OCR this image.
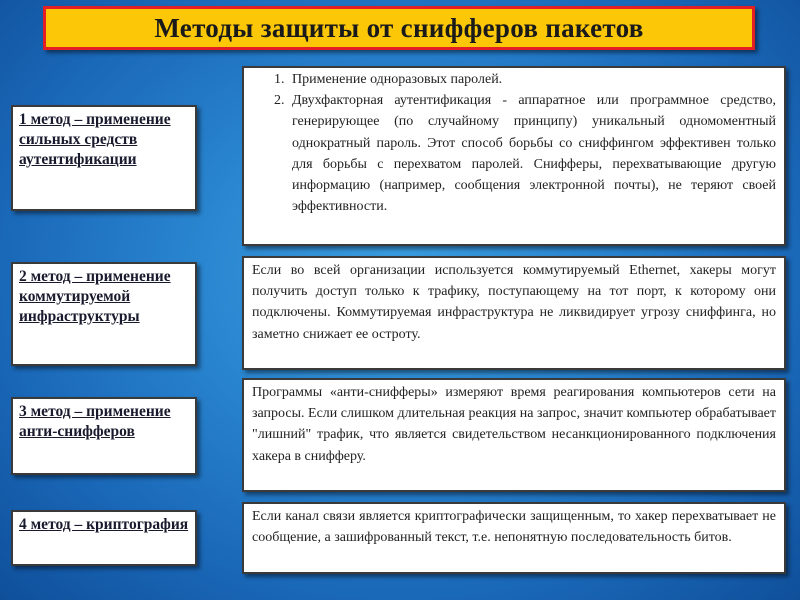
Методы защиты от снифферов пакетов
1 метод – применение сильных средств аутентификации
1. Применение одноразовых паролей.
2. Двухфакторная аутентификация - аппаратное или программное средство, генерирующее (по случайному принципу) уникальный одномоментный однократный пароль. Этот способ борьбы со сниффингом эффективен только для борьбы с перехватом паролей. Снифферы, перехватывающие другую информацию (например, сообщения электронной почты), не теряют своей эффективности.
2 метод – применение коммутируемой инфраструктуры
Если во всей организации используется коммутируемый Ethernet, хакеры могут получить доступ только к трафику, поступающему на тот порт, к которому они подключены. Коммутируемая инфраструктура не ликвидирует угрозу сниффинга, но заметно снижает ее остроту.
3 метод – применение анти-снифферов
Программы «анти-снифферы» измеряют время реагирования компьютеров сети на запросы. Если слишком длительная реакция на запрос, значит компьютер обрабатывает "лишний" трафик, что является свидетельством несанкционированного подключения хакера в снифферу.
4 метод – криптография	Если канал связи является криптографически защищенным, то хакер перехватывает не сообщение, а зашифрованный текст, т.е. непонятную последовательность битов.
